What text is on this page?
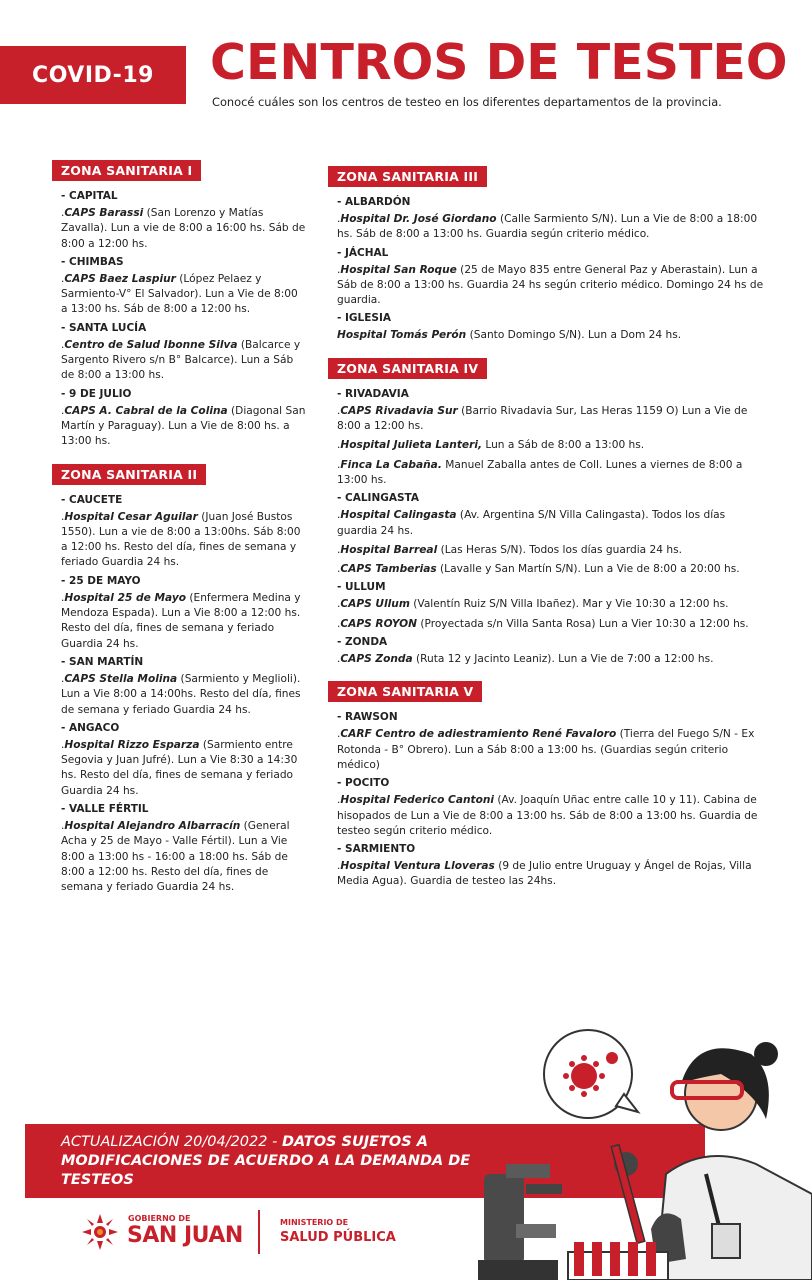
COVID-19	CENTROS DE TESTEO
Conocé cuáles son los centros de testeo en los diferentes departamentos de la provincia.
ZONA SANITARIA I
- CAPITAL
.CAPS Barassi (San Lorenzo y Matías Zavalla). Lun a vie de 8:00 a 16:00 hs. Sáb de 8:00 a 12:00 hs.
- CHIMBAS
.CAPS Baez Laspiur (López Pelaez y Sarmiento-V° El Salvador). Lun a Vie de 8:00 a 13:00 hs. Sáb de 8:00 a 12:00 hs.
- SANTA LUCÍA
.Centro de Salud Ibonne Silva (Balcarce y Sargento Rivero s/n B° Balcarce). Lun a Sáb de 8:00 a 13:00 hs.
- 9 DE JULIO
.CAPS A. Cabral de la Colina (Diagonal San Martín y Paraguay). Lun a Vie de 8:00 hs. a 13:00 hs.
ZONA SANITARIA II
- CAUCETE
.Hospital Cesar Aguilar (Juan José Bustos 1550). Lun a vie de 8:00 a 13:00hs. Sáb 8:00 a 12:00 hs. Resto del día, fines de semana y feriado Guardia 24 hs.
- 25 DE MAYO
.Hospital 25 de Mayo (Enfermera Medina y Mendoza Espada). Lun a Vie 8:00 a 12:00 hs. Resto del día, fines de semana y feriado Guardia 24 hs.
- SAN MARTÍN
.CAPS Stella Molina (Sarmiento y Meglioli). Lun a Vie 8:00 a 14:00hs. Resto del día, fines de semana y feriado Guardia 24 hs.
- ANGACO
.Hospital Rizzo Esparza (Sarmiento entre Segovia y Juan Jufré). Lun a Vie 8:30 a 14:30 hs. Resto del día, fines de semana y feriado Guardia 24 hs.
- VALLE FÉRTIL
.Hospital Alejandro Albarracín (General Acha y 25 de Mayo - Valle Fértil). Lun a Vie 8:00 a 13:00 hs - 16:00 a 18:00 hs. Sáb de 8:00 a 12:00 hs. Resto del día, fines de semana y feriado Guardia 24 hs.
ZONA SANITARIA III
- ALBARDÓN
.Hospital Dr. José Giordano (Calle Sarmiento S/N). Lun a Vie de 8:00 a 18:00 hs. Sáb de 8:00 a 13:00 hs. Guardia según criterio médico.
- JÁCHAL
.Hospital San Roque (25 de Mayo 835 entre General Paz y Aberastain). Lun a Sáb de 8:00 a 13:00 hs. Guardia 24 hs según criterio médico. Domingo 24 hs de guardia.
- IGLESIA
Hospital Tomás Perón (Santo Domingo S/N). Lun a Dom 24 hs.
ZONA SANITARIA IV
- RIVADAVIA
.CAPS Rivadavia Sur (Barrio Rivadavia Sur, Las Heras 1159 O) Lun a Vie de 8:00 a 12:00 hs.
.Hospital Julieta Lanteri, Lun a Sáb de 8:00 a 13:00 hs.
.Finca La Cabaña. Manuel Zaballa antes de Coll. Lunes a viernes de 8:00 a 13:00 hs.
- CALINGASTA
.Hospital Calingasta (Av. Argentina S/N Villa Calingasta). Todos los días guardia 24 hs.
.Hospital Barreal (Las Heras S/N). Todos los días guardia 24 hs.
.CAPS Tamberias (Lavalle y San Martín S/N). Lun a Vie de 8:00 a 20:00 hs.
- ULLUM
.CAPS Ullum (Valentín Ruiz S/N Villa Ibañez). Mar y Vie 10:30 a 12:00 hs.
.CAPS ROYON (Proyectada s/n Villa Santa Rosa) Lun a Vier 10:30 a 12:00 hs.
- ZONDA
.CAPS Zonda (Ruta 12 y Jacinto Leaniz). Lun a Vie de 7:00 a 12:00 hs.
ZONA SANITARIA V
- RAWSON
.CARF Centro de adiestramiento René Favaloro (Tierra del Fuego S/N - Ex Rotonda - B° Obrero). Lun a Sáb 8:00 a 13:00 hs. (Guardias según criterio médico)
- POCITO
.Hospital Federico Cantoni (Av. Joaquín Uñac entre calle 10 y 11). Cabina de hisopados de Lun a Vie de 8:00 a 13:00 hs. Sáb de 8:00 a 13:00 hs. Guardia de testeo según criterio médico.
- SARMIENTO
.Hospital Ventura Lloveras (9 de Julio entre Uruguay y Ángel de Rojas, Villa Media Agua). Guardia de testeo las 24hs.
ACTUALIZACIÓN 20/04/2022 - DATOS SUJETOS A MODIFICACIONES DE ACUERDO A LA DEMANDA DE TESTEOS
GOBIERNO DE
SAN JUAN
MINISTERIO DE
SALUD PÚBLICA
